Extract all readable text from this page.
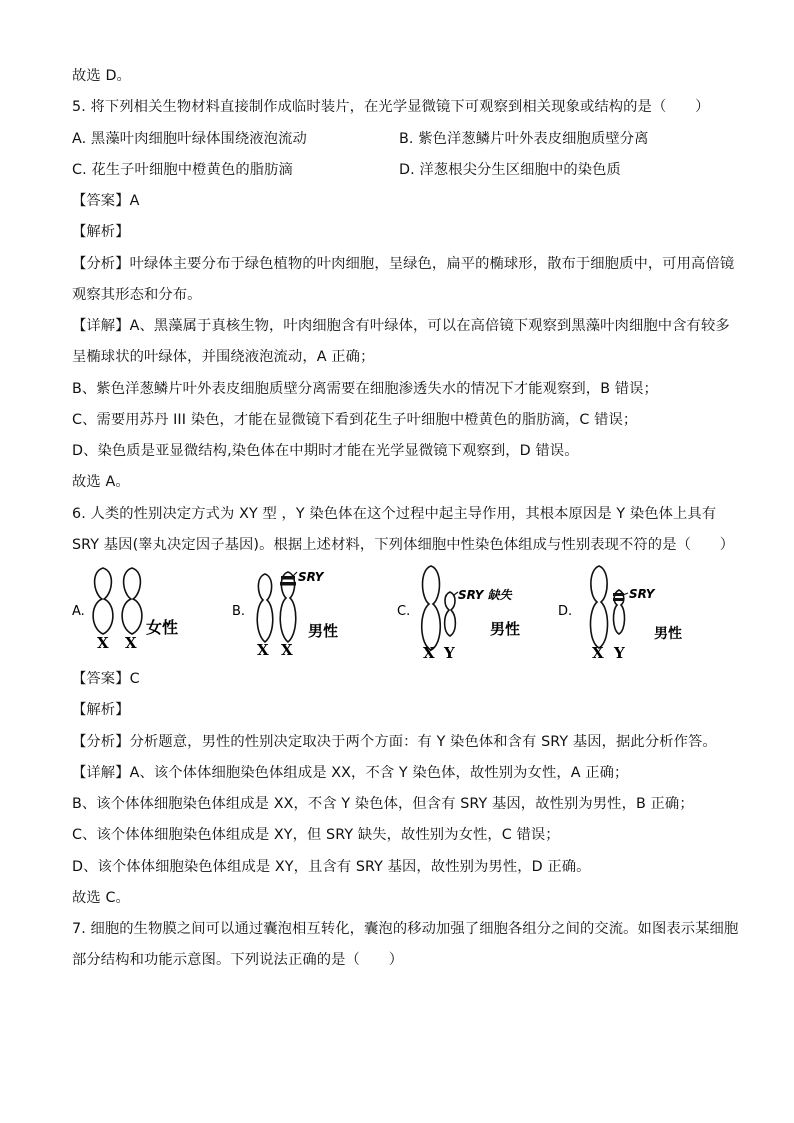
故选 D。
5. 将下列相关生物材料直接制作成临时装片，在光学显微镜下可观察到相关现象或结构的是（　　）
A. 黑藻叶肉细胞叶绿体围绕液泡流动	B. 紫色洋葱鳞片叶外表皮细胞质壁分离
C. 花生子叶细胞中橙黄色的脂肪滴	D. 洋葱根尖分生区细胞中的染色质
【答案】A
【解析】
【分析】叶绿体主要分布于绿色植物的叶肉细胞，呈绿色，扁平的椭球形，散布于细胞质中，可用高倍镜
观察其形态和分布。
【详解】A、黑藻属于真核生物，叶肉细胞含有叶绿体，可以在高倍镜下观察到黑藻叶肉细胞中含有较多
呈椭球状的叶绿体，并围绕液泡流动，A 正确；
B、紫色洋葱鳞片叶外表皮细胞质壁分离需要在细胞渗透失水的情况下才能观察到，B 错误；
C、需要用苏丹 III 染色，才能在显微镜下看到花生子叶细胞中橙黄色的脂肪滴，C 错误；
D、染色质是亚显微结构,染色体在中期时才能在光学显微镜下观察到，D 错误。
故选 A。
6. 人类的性别决定方式为 XY 型 ，Y 染色体在这个过程中起主导作用，其根本原因是 Y 染色体上具有
SRY 基因(睾丸决定因子基因)。根据上述材料，下列体细胞中性染色体组成与性别表现不符的是（　　）
A.	B.	C.	D.
X X	X X	X Y	X Y
SRY
SRY 缺失	SRY
女性	男性	男性	男性
【答案】C
【解析】
【分析】分析题意，男性的性别决定取决于两个方面：有 Y 染色体和含有 SRY 基因，据此分析作答。
【详解】A、该个体体细胞染色体组成是 XX，不含 Y 染色体，故性别为女性，A 正确；
B、该个体体细胞染色体组成是 XX，不含 Y 染色体，但含有 SRY 基因，故性别为男性，B 正确；
C、该个体体细胞染色体组成是 XY，但 SRY 缺失，故性别为女性，C 错误；
D、该个体体细胞染色体组成是 XY，且含有 SRY 基因，故性别为男性，D 正确。
故选 C。
7. 细胞的生物膜之间可以通过囊泡相互转化，囊泡的移动加强了细胞各组分之间的交流。如图表示某细胞
部分结构和功能示意图。下列说法正确的是（　　）
